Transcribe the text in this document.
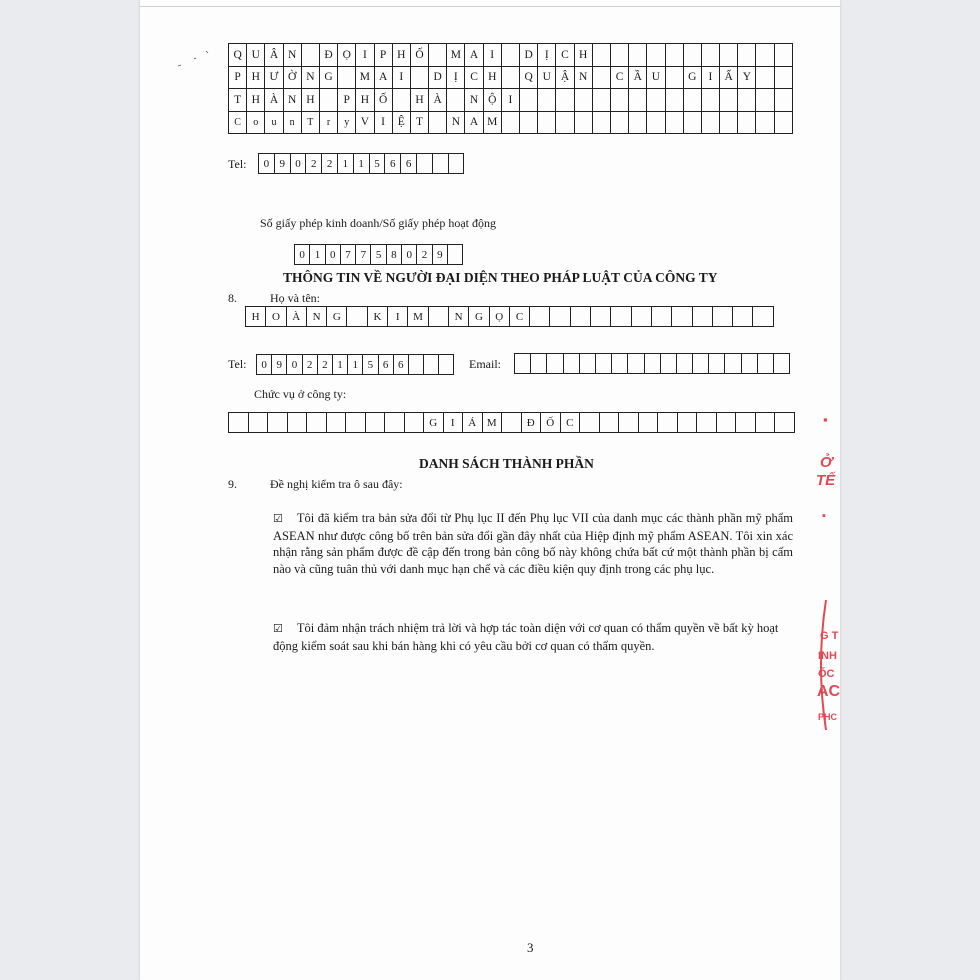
Q U Â N	Đ Ọ	I	P H Ố	M A	I	D	Ị	C H
P H Ư Ờ N G	M A	I	D	Ị	C H	Q U Ậ N	C Ầ U	G	I	Ấ Y
T H À N H	P H Ố	H À	N Ộ	I
C	o	u	n	T	r	y	V	I	Ệ T	N A M
Tel:	0 9 0 2 2 1 1 5 6 6
Số giấy phép kinh doanh/Số giấy phép hoạt động
0 1 0 7 7 5 8 0 2 9
THÔNG TIN VỀ NGƯỜI ĐẠI DIỆN THEO PHÁP LUẬT CỦA CÔNG TY
8.	Họ và tên:
H	O	À	N	G	K	I	M	N	G	Ọ	C
Tel:	0 9 0 2 2 1 1 5 6 6	Email:
Chức vụ ở công ty:
G	I	Á M	Đ	Ố	C
DANH SÁCH THÀNH PHẦN
9.	Đề nghị kiểm tra ô sau đây:
☑ Tôi đã kiểm tra bản sửa đổi từ Phụ lục II đến Phụ lục VII của danh mục các thành phần mỹ phẩm ASEAN như được công bố trên bản sửa đổi gần đây nhất của Hiệp định mỹ phẩm ASEAN. Tôi xin xác nhận rằng sản phẩm được đề cập đến trong bản công bố này không chứa bất cứ một thành phần bị cấm nào và cũng tuân thủ với danh mục hạn chế và các điều kiện quy định trong các phụ lục.
☑ Tôi đảm nhận trách nhiệm trả lời và hợp tác toàn diện với cơ quan có thẩm quyền về bất kỳ hoạt động kiểm soát sau khi bán hàng khi có yêu cầu bởi cơ quan có thẩm quyền.
3
▪
Ở
TẾ
▪
G T
INH
ỐC
AC
PHC
